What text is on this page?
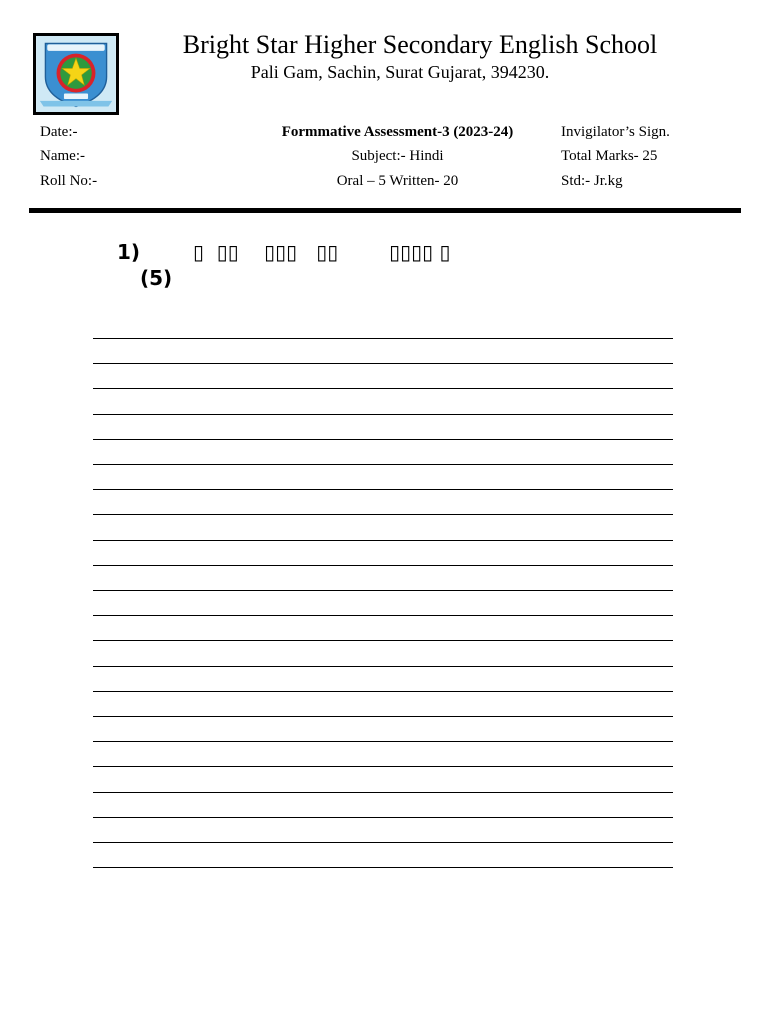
Bright Star Higher Secondary English School
Pali Gam, Sachin, Surat Gujarat, 394230.
Date:-
Name:-
Roll No:-
Formmative Assessment-3 (2023-24)
Subject:- Hindi
Oral – 5 Written- 20
Invigilator’s Sign.
Total Marks- 25
Std:- Jr.kg
1)	▯  ▯▯    ▯▯▯   ▯▯        ▯▯▯▯ ▯
(5)
